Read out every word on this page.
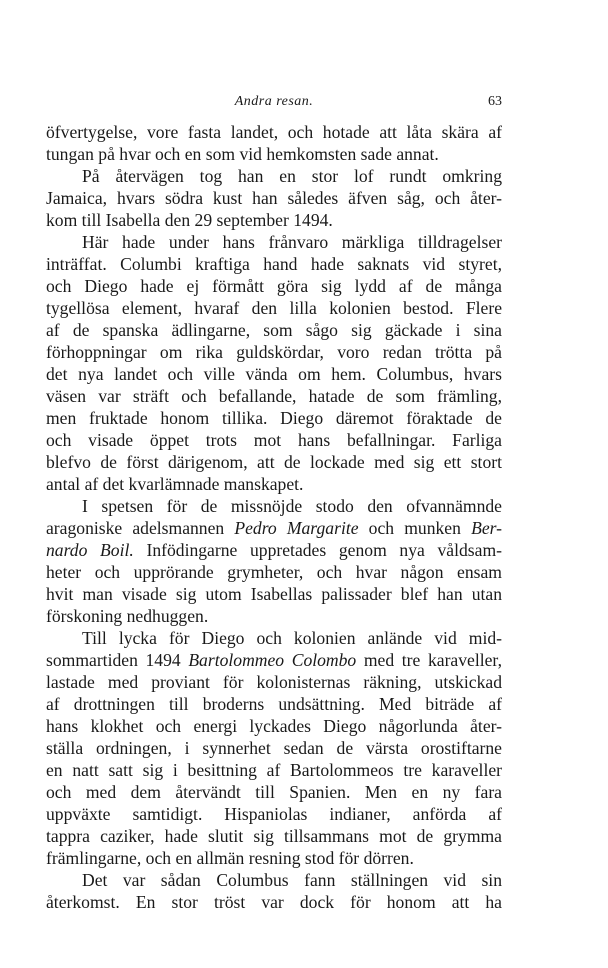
Andra resan.	63
öfvertygelse, vore fasta landet, och hotade att låta skära af
tungan på hvar och en som vid hemkomsten sade annat.
På återvägen tog han en stor lof rundt omkring
Jamaica, hvars södra kust han således äfven såg, och åter-
kom till Isabella den 29 september 1494.
Här hade under hans frånvaro märkliga tilldragelser
inträffat. Columbi kraftiga hand hade saknats vid styret,
och Diego hade ej förmått göra sig lydd af de många
tygellösa element, hvaraf den lilla kolonien bestod. Flere
af de spanska ädlingarne, som sågo sig gäckade i sina
förhoppningar om rika guldskördar, voro redan trötta på
det nya landet och ville vända om hem. Columbus, hvars
väsen var sträft och befallande, hatade de som främling,
men fruktade honom tillika. Diego däremot föraktade de
och visade öppet trots mot hans befallningar. Farliga
blefvo de först därigenom, att de lockade med sig ett stort
antal af det kvarlämnade manskapet.
I spetsen för de missnöjde stodo den ofvannämnde
aragoniske adelsmannen Pedro Margarite och munken Ber-
nardo Boil. Infödingarne uppretades genom nya våldsam-
heter och upprörande grymheter, och hvar någon ensam
hvit man visade sig utom Isabellas palissader blef han utan
förskoning nedhuggen.
Till lycka för Diego och kolonien anlände vid mid-
sommartiden 1494 Bartolommeo Colombo med tre karaveller,
lastade med proviant för kolonisternas räkning, utskickad
af drottningen till broderns undsättning. Med biträde af
hans klokhet och energi lyckades Diego någorlunda åter-
ställa ordningen, i synnerhet sedan de värsta orostiftarne
en natt satt sig i besittning af Bartolommeos tre karaveller
och med dem återvändt till Spanien. Men en ny fara
uppväxte samtidigt. Hispaniolas indianer, anförda af
tappra caziker, hade slutit sig tillsammans mot de grymma
främlingarne, och en allmän resning stod för dörren.
Det var sådan Columbus fann ställningen vid sin
återkomst. En stor tröst var dock för honom att ha
